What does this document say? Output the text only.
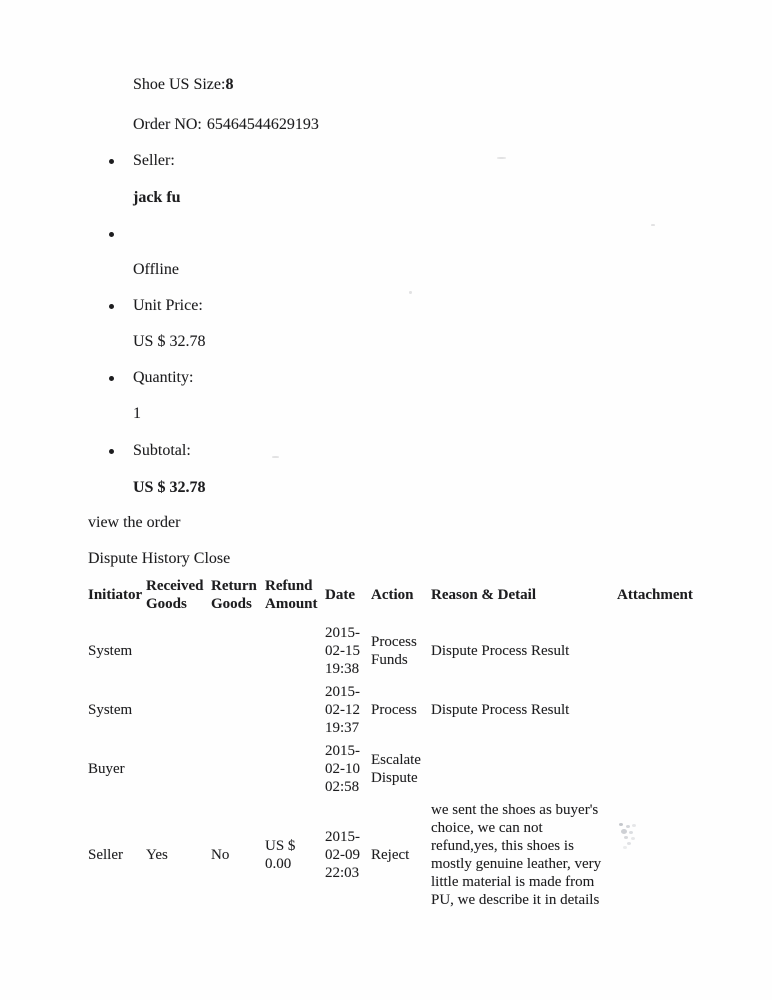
Shoe US Size:8
Order NO: 65464544629193
Seller:
jack fu
Offline
Unit Price:
US $ 32.78
Quantity:
1
Subtotal:
US $ 32.78
view the order
Dispute History Close
Initiator	Received Goods	Return Goods	Refund Amount	Date	Action	Reason & Detail	Attachment
System				2015-02-15 19:38	Process Funds	Dispute Process Result	
System				2015-02-12 19:37	Process	Dispute Process Result	
Buyer				2015-02-10 02:58	Escalate Dispute		
Seller	Yes	No	US $ 0.00	2015-02-09 22:03	Reject	we sent the shoes as buyer's choice, we can not refund,yes, this shoes is mostly genuine leather, very little material is made from PU, we describe it in details	
